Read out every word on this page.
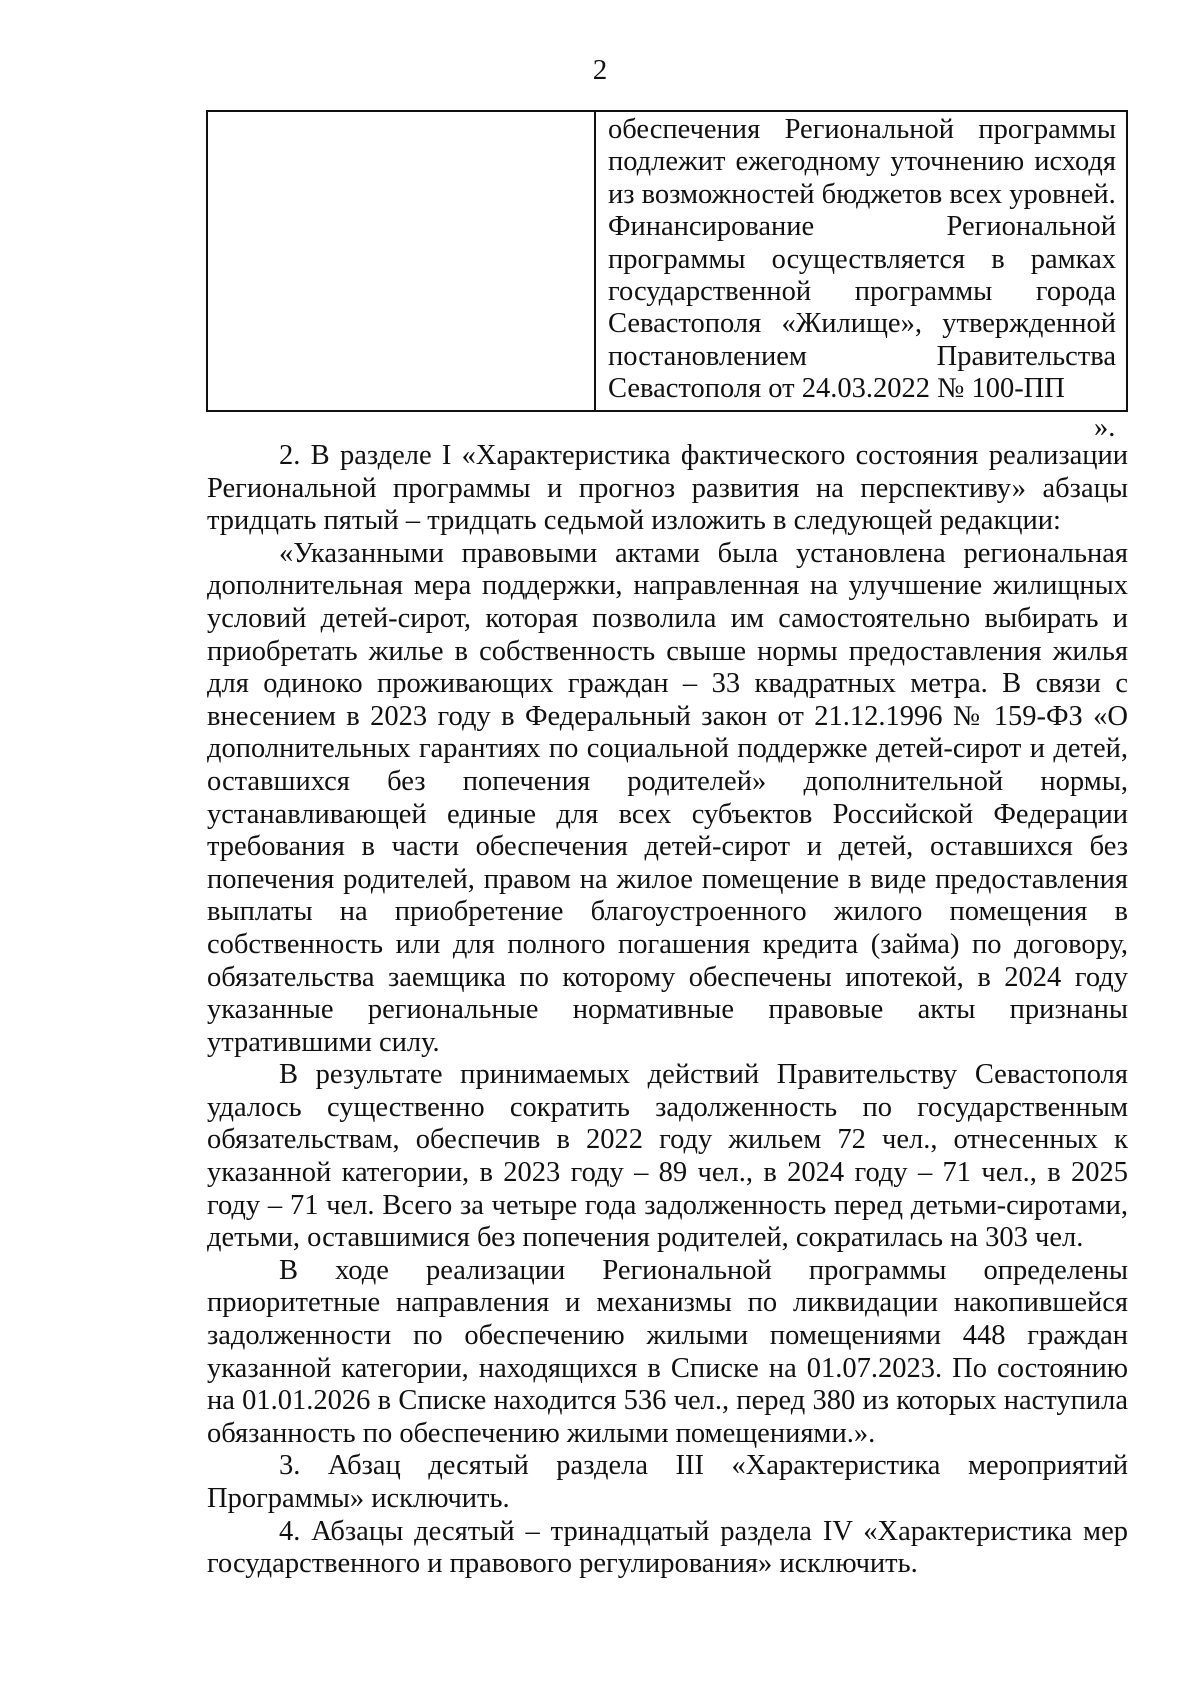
2

обеспечения Региональной программы подлежит ежегодному уточнению исходя из возможностей бюджетов всех уровней.

Финансирование Региональной программы осуществляется в рамках государственной программы города Севастополя «Жилище», утвержденной постановлением Правительства Севастополя от 24.03.2022 № 100-ПП

».

2. В разделе I «Характеристика фактического состояния реализации Региональной программы и прогноз развития на перспективу» абзацы тридцать пятый – тридцать седьмой изложить в следующей редакции:

«Указанными правовыми актами была установлена региональная дополнительная мера поддержки, направленная на улучшение жилищных условий детей-сирот, которая позволила им самостоятельно выбирать и приобретать жилье в собственность свыше нормы предоставления жилья для одиноко проживающих граждан – 33 квадратных метра. В связи с внесением в 2023 году в Федеральный закон от 21.12.1996 № 159-ФЗ «О дополнительных гарантиях по социальной поддержке детей-сирот и детей, оставшихся без попечения родителей» дополнительной нормы, устанавливающей единые для всех субъектов Российской Федерации требования в части обеспечения детей-сирот и детей, оставшихся без попечения родителей, правом на жилое помещение в виде предоставления выплаты на приобретение благоустроенного жилого помещения в собственность или для полного погашения кредита (займа) по договору, обязательства заемщика по которому обеспечены ипотекой, в 2024 году указанные региональные нормативные правовые акты признаны утратившими силу.

В результате принимаемых действий Правительству Севастополя удалось существенно сократить задолженность по государственным обязательствам, обеспечив в 2022 году жильем 72 чел., отнесенных к указанной категории, в 2023 году – 89 чел., в 2024 году – 71 чел., в 2025 году – 71 чел. Всего за четыре года задолженность перед детьми-сиротами, детьми, оставшимися без попечения родителей, сократилась на 303 чел.

В ходе реализации Региональной программы определены приоритетные направления и механизмы по ликвидации накопившейся задолженности по обеспечению жилыми помещениями 448 граждан указанной категории, находящихся в Списке на 01.07.2023. По состоянию на 01.01.2026 в Списке находится 536 чел., перед 380 из которых наступила обязанность по обеспечению жилыми помещениями.».

3. Абзац десятый раздела III «Характеристика мероприятий Программы» исключить.

4. Абзацы десятый – тринадцатый раздела IV «Характеристика мер государственного и правового регулирования» исключить.
